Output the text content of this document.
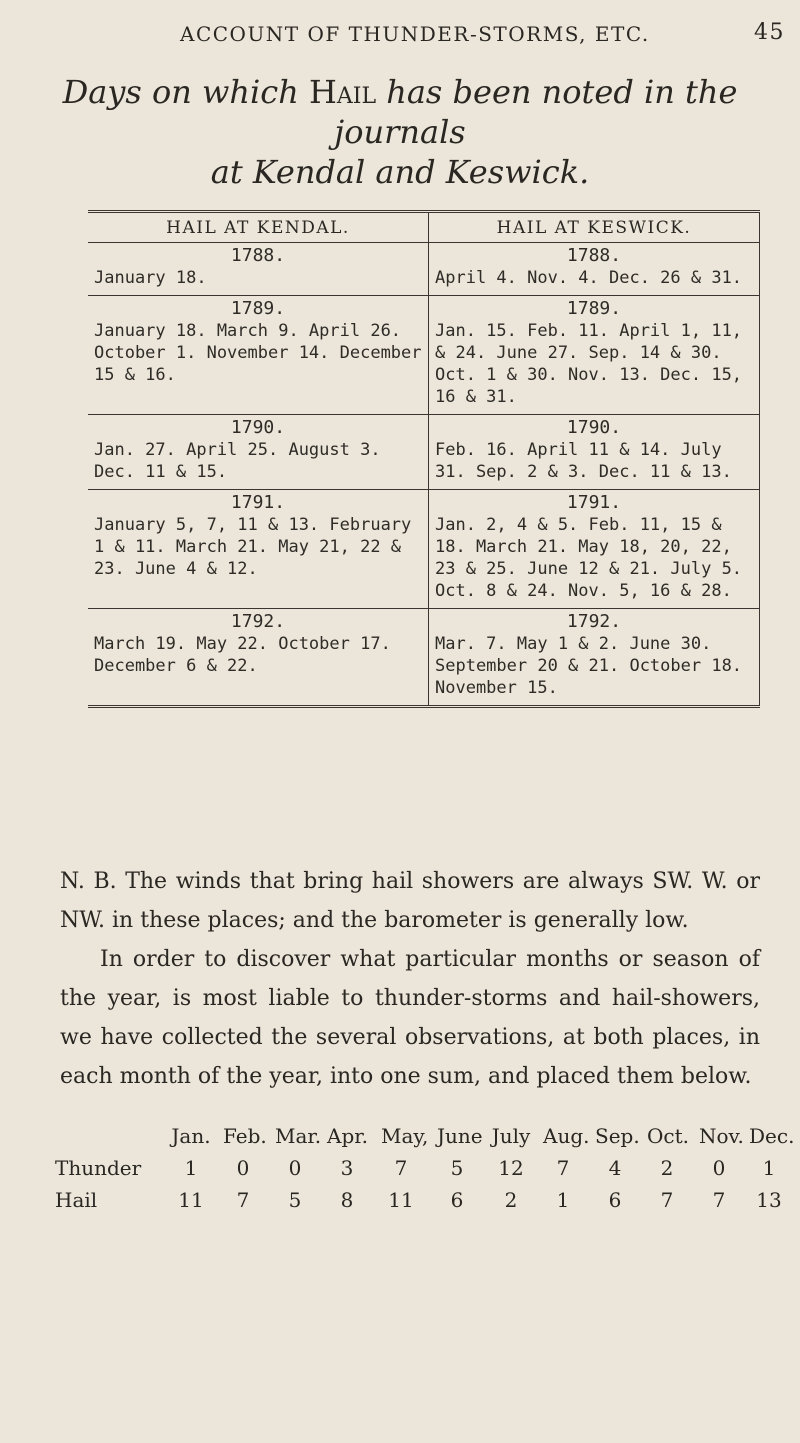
ACCOUNT OF THUNDER-STORMS, ETC.	45
Days on which Hail has been noted in the journals
at Kendal and Keswick.
HAIL AT KENDAL.	HAIL AT KESWICK.
1788.	1788.
January 18.	April 4. Nov. 4. Dec. 26 & 31.

1789.	1789.
January 18. March 9. April 26. October 1. November 14. December 15 & 16.	Jan. 15. Feb. 11. April 1, 11, & 24. June 27. Sep. 14 & 30. Oct. 1 & 30. Nov. 13. Dec. 15, 16 & 31.

1790.	1790.
Jan. 27. April 25. August 3. Dec. 11 & 15.	Feb. 16. April 11 & 14. July 31. Sep. 2 & 3. Dec. 11 & 13.

1791.	1791.
January 5, 7, 11 & 13. February 1 & 11. March 21. May 21, 22 & 23. June 4 & 12.	Jan. 2, 4 & 5. Feb. 11, 15 & 18. March 21. May 18, 20, 22, 23 & 25. June 12 & 21. July 5. Oct. 8 & 24. Nov. 5, 16 & 28.

1792.	1792.
March 19. May 22. October 17. December 6 & 22.	Mar. 7. May 1 & 2. June 30. September 20 & 21. October 18. November 15.

N. B. The winds that bring hail showers are always SW. W. or NW. in these places; and the barometer is generally low.

In order to discover what particular months or season of the year, is most liable to thunder-storms and hail-showers, we have collected the several observations, at both places, in each month of the year, into one sum, and placed them below.

Jan. Feb. Mar. Apr. May, June July Aug. Sep. Oct. Nov. Dec.
Thunder	1	0	0	3	7	5	12	7	4	2	0	1
Hail	11	7	5	8	11	6	2	1	6	7	7	13
